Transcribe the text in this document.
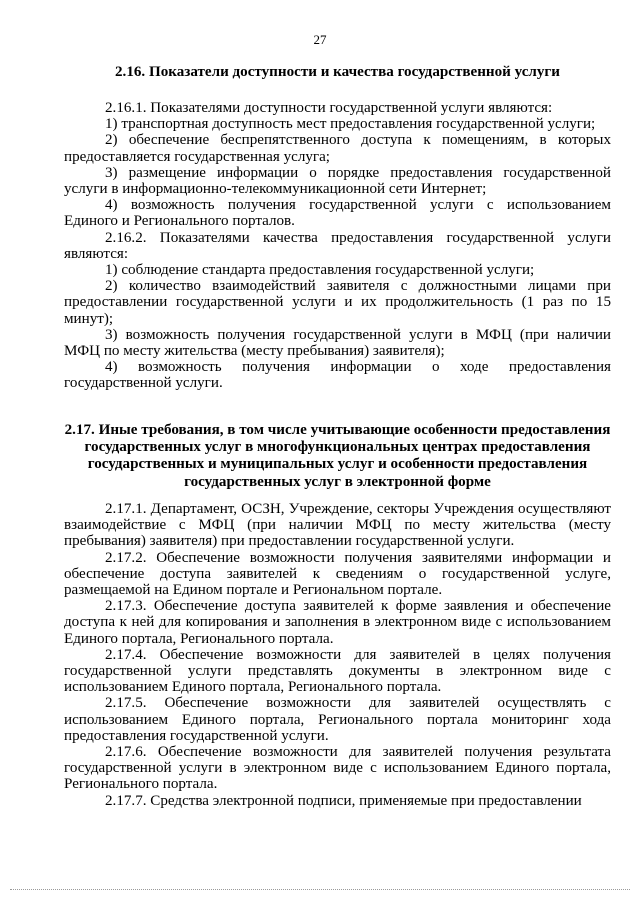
27
2.16. Показатели доступности и качества государственной услуги

2.16.1. Показателями доступности государственной услуги являются:

1) транспортная доступность мест предоставления государственной услуги;

2) обеспечение беспрепятственного доступа к помещениям, в которых предоставляется государственная услуга;

3) размещение информации о порядке предоставления государственной услуги в информационно-телекоммуникационной сети Интернет;

4) возможность получения государственной услуги с использованием Единого и Регионального порталов.

2.16.2. Показателями качества предоставления государственной услуги являются:

1) соблюдение стандарта предоставления государственной услуги;

2) количество взаимодействий заявителя с должностными лицами при предоставлении государственной услуги и их продолжительность (1 раз по 15 минут);

3) возможность получения государственной услуги в МФЦ (при наличии МФЦ по месту жительства (месту пребывания) заявителя);

4) возможность получения информации о ходе предоставления государственной услуги.

2.17. Иные требования, в том числе учитывающие особенности предоставления государственных услуг в многофункциональных центрах предоставления государственных и муниципальных услуг и особенности предоставления государственных услуг в электронной форме

2.17.1. Департамент, ОСЗН, Учреждение, секторы Учреждения осуществляют взаимодействие с МФЦ (при наличии МФЦ по месту жительства (месту пребывания) заявителя) при предоставлении государственной услуги.

2.17.2. Обеспечение возможности получения заявителями информации и обеспечение доступа заявителей к сведениям о государственной услуге, размещаемой на Едином портале и Региональном портале.

2.17.3. Обеспечение доступа заявителей к форме заявления и обеспечение доступа к ней для копирования и заполнения в электронном виде с использованием Единого портала, Регионального портала.

2.17.4. Обеспечение возможности для заявителей в целях получения государственной услуги представлять документы в электронном виде с использованием Единого портала, Регионального портала.

2.17.5. Обеспечение возможности для заявителей осуществлять с использованием Единого портала, Регионального портала мониторинг хода предоставления государственной услуги.

2.17.6. Обеспечение возможности для заявителей получения результата государственной услуги в электронном виде с использованием Единого портала, Регионального портала.

2.17.7. Средства электронной подписи, применяемые при предоставлении
